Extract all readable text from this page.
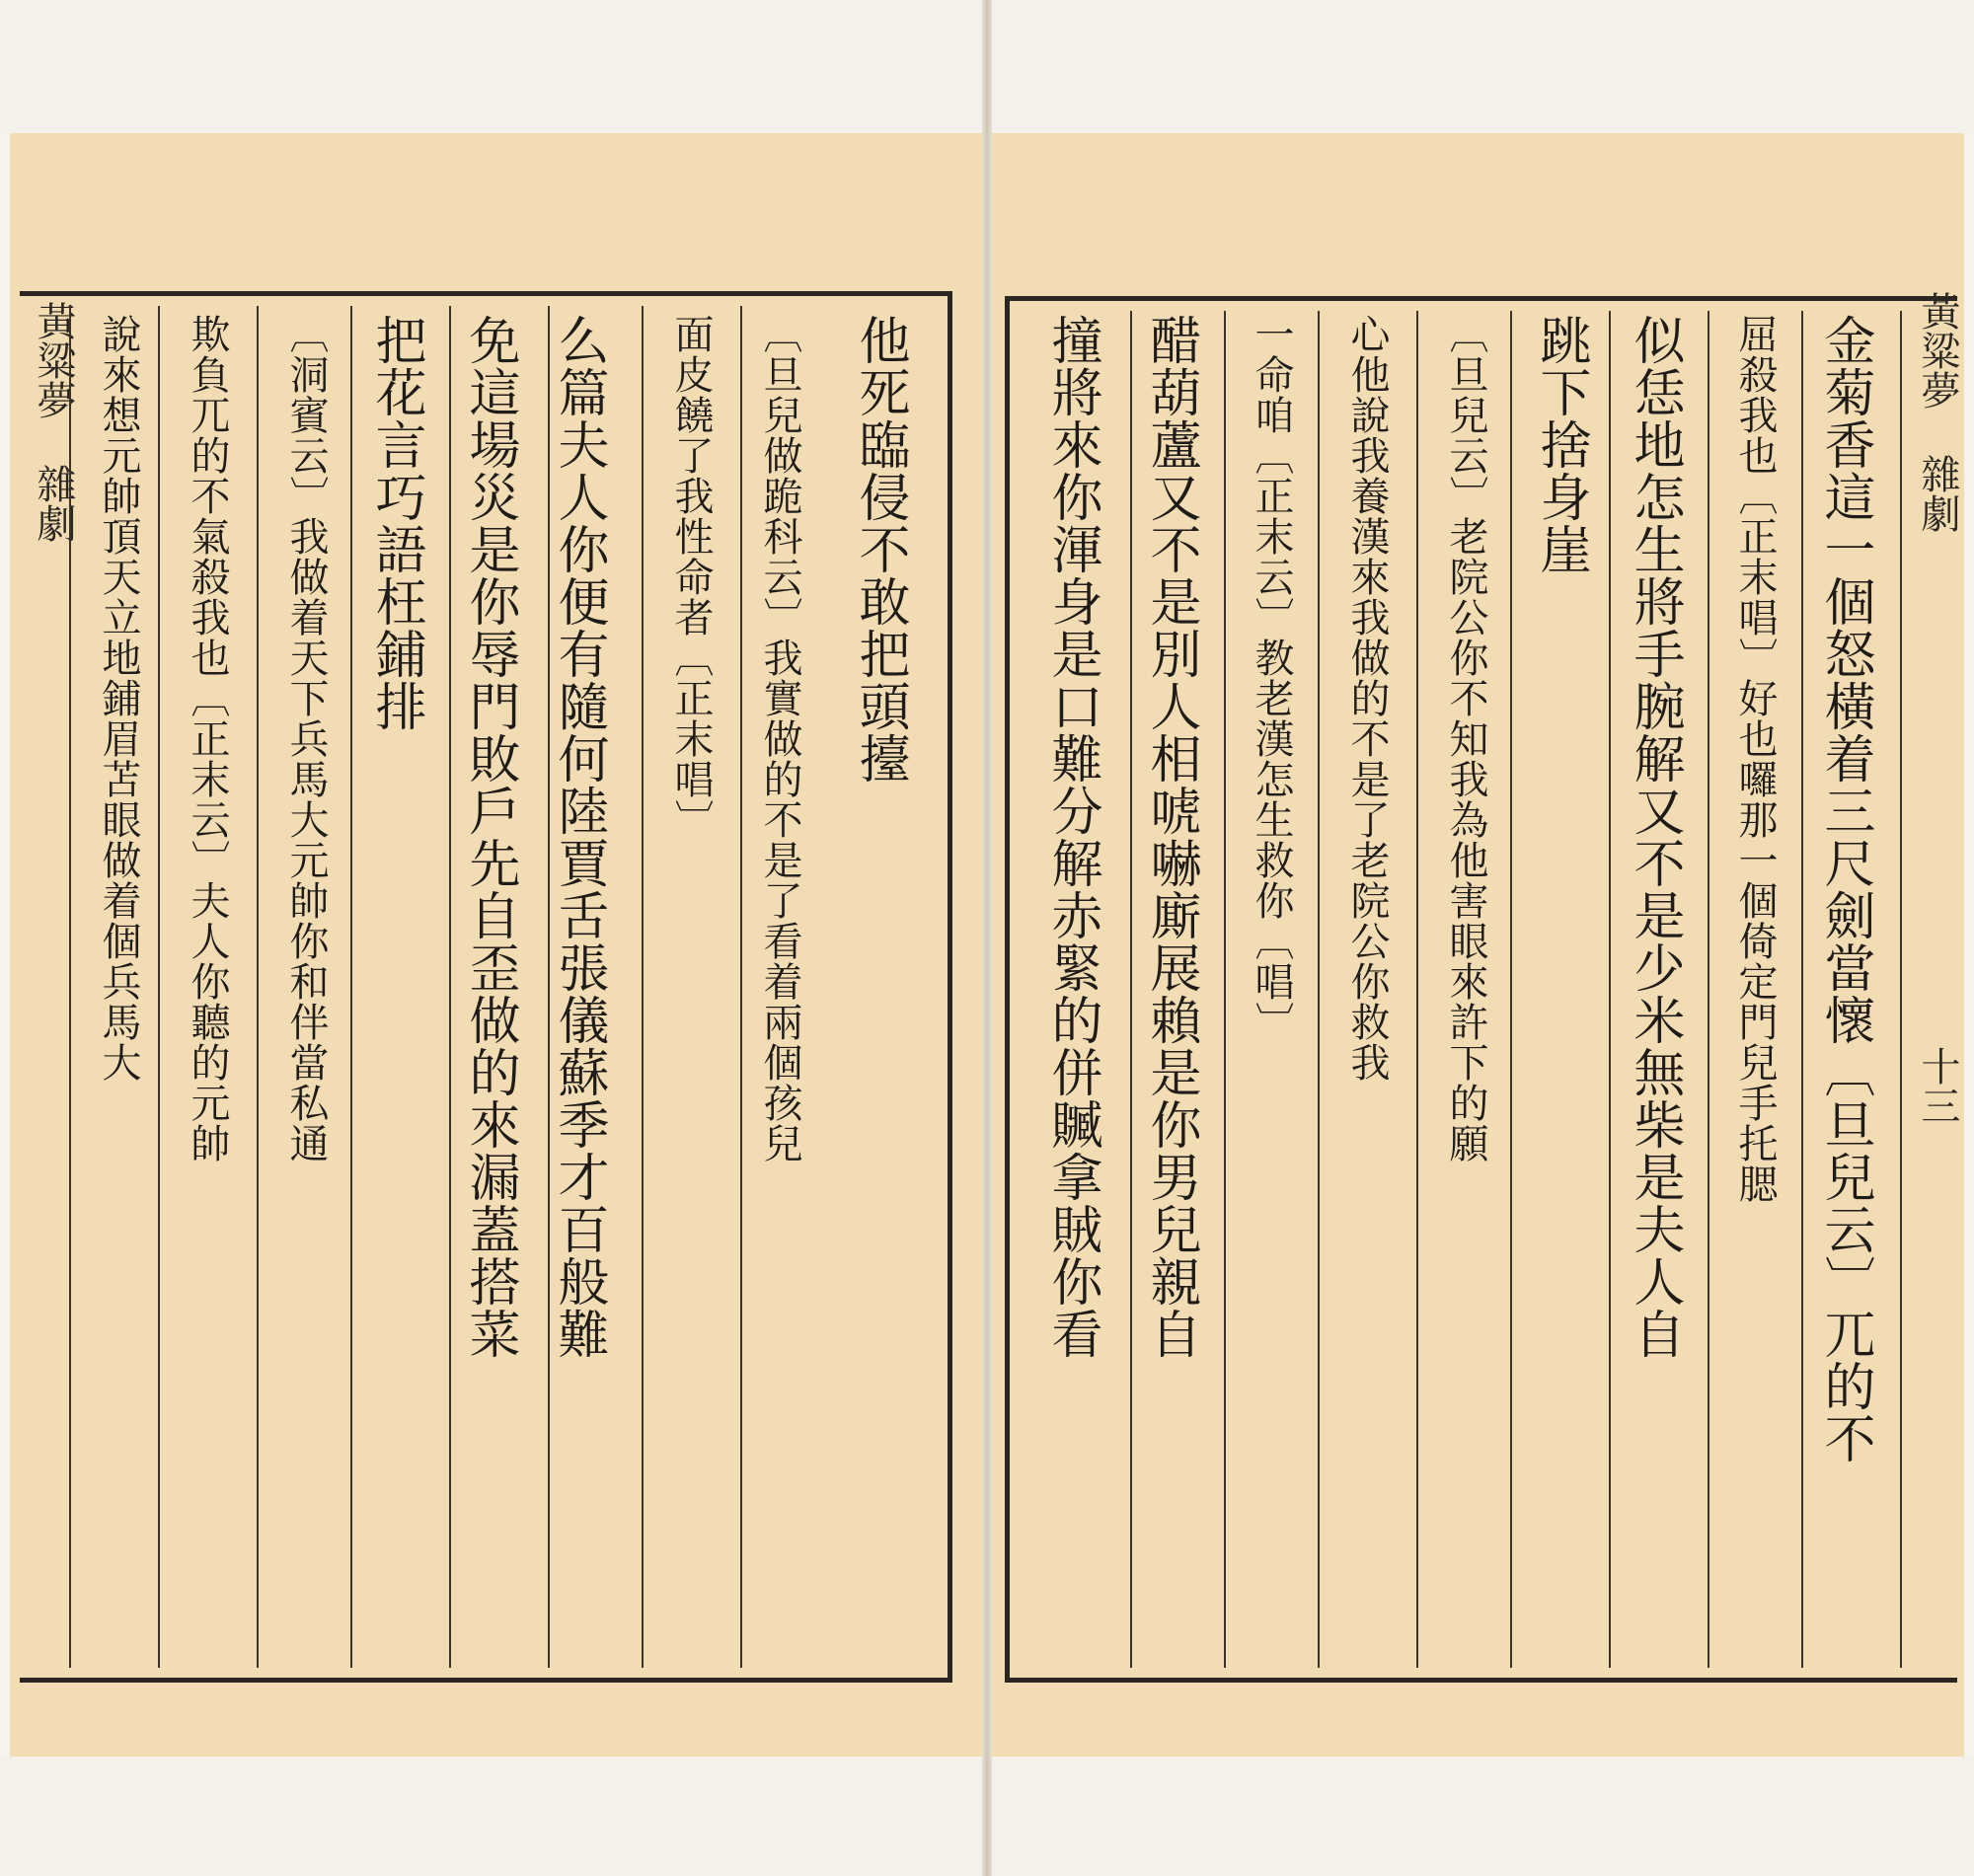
黃粱夢
雜劇	他死臨侵不敢把頭擡
〔旦兒做跪科云〕我實做的不是了看着兩個孩兒
面皮饒了我性命者〔正末唱〕
么篇夫人你便有隨何陸賈舌張儀蘇季才百般難
免這場災是你辱門敗戶先自歪做的來漏蓋搭菜
把花言巧語枉鋪排
〔洞賓云〕我做着天下兵馬大元帥你和伴當私通
欺負兀的不氣殺我也〔正末云〕夫人你聽的元帥
說來想元帥頂天立地鋪眉苫眼做着個兵馬大	黃粱夢
雜劇
十三
金菊香這一個怒橫着三尺劍當懷〔旦兒云〕兀的不
屈殺我也〔正末唱〕好也囉那一個倚定門兒手托腮
似恁地怎生將手腕解又不是少米無柴是夫人自
跳下捨身崖
〔旦兒云〕老院公你不知我為他害眼來許下的願
心他說我養漢來我做的不是了老院公你救我
一命咱〔正末云〕教老漢怎生救你〔唱〕
醋葫蘆又不是別人相唬嚇廝展賴是你男兒親自
撞將來你渾身是口難分解赤緊的併贓拿賊你看
